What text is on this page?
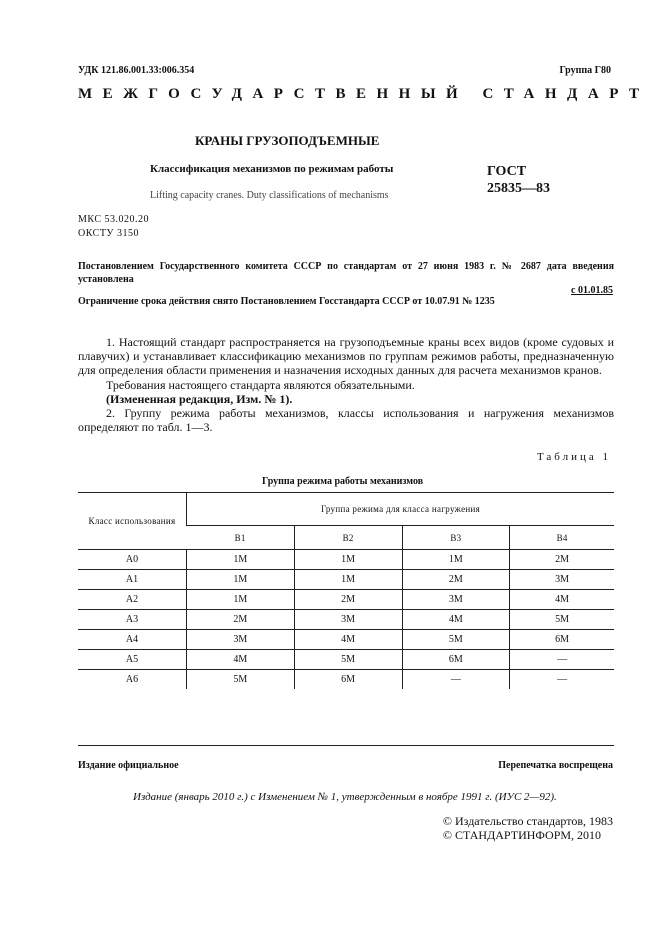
УДК 121.86.001.33:006.354	Группа Г80
МЕЖГОСУДАРСТВЕННЫЙ СТАНДАРТ
КРАНЫ ГРУЗОПОДЪЕМНЫЕ
Классификация механизмов по режимам работы
Lifting capacity cranes. Duty classifications of mechanisms
ГОСТ
25835—83
МКС 53.020.20
ОКСТУ 3150
Постановлением Государственного комитета СССР по стандартам от 27 июня 1983 г. № 2687 дата введения установлена
с 01.01.85
Ограничение срока действия снято Постановлением Госстандарта СССР от 10.07.91 № 1235

1. Настоящий стандарт распространяется на грузоподъемные краны всех видов (кроме судовых и плавучих) и устанавливает классификацию механизмов по группам режимов работы, предназначенную для определения области применения и назначения исходных данных для расчета механизмов кранов.

Требования настоящего стандарта являются обязательными.

(Измененная редакция, Изм. № 1).

2. Группу режима работы механизмов, классы использования и нагружения механизмов определяют по табл. 1—3.

Таблица 1
Группа режима работы механизмов
Класс использования	Группа режима для класса нагружения			
	В1	В2	В3	В4
А0	1М	1М	1М	2М
А1	1М	1М	2М	3М
А2	1М	2М	3М	4М
А3	2М	3М	4М	5М
А4	3М	4М	5М	6М
А5	4М	5М	6М	—
А6	5М	6М	—	—
Издание официальное	Перепечатка воспрещена
Издание (январь 2010 г.) с Изменением № 1, утвержденным в ноябре 1991 г. (ИУС 2—92).
© Издательство стандартов, 1983
© СТАНДАРТИНФОРМ, 2010
